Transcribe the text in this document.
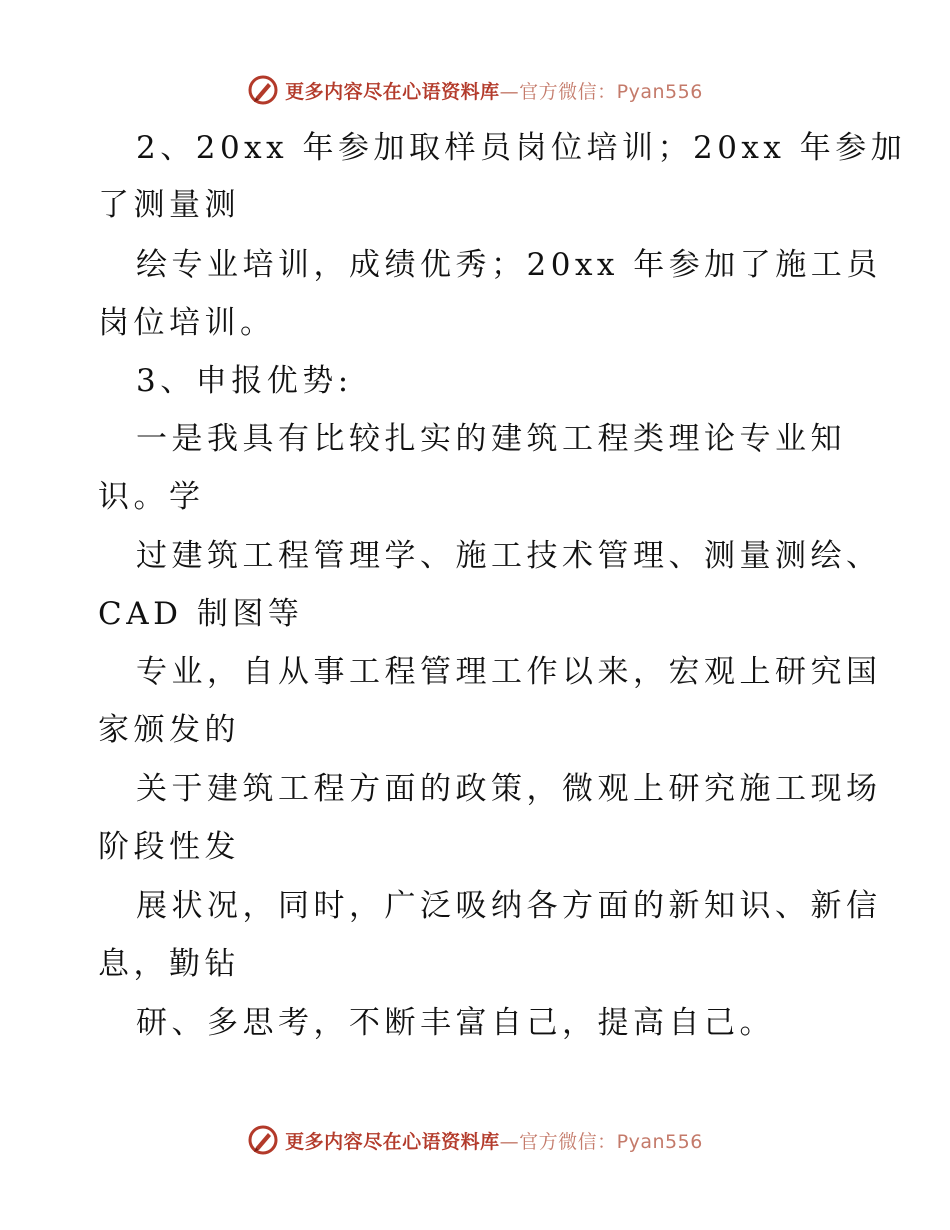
更多内容尽在心语资料库 —官方微信：Pyan556
2、20xx 年参加取样员岗位培训；20xx 年参加
了测量测
绘专业培训，成绩优秀；20xx 年参加了施工员
岗位培训。
3、申报优势:
一是我具有比较扎实的建筑工程类理论专业知
识。学
过建筑工程管理学、施工技术管理、测量测绘、
CAD 制图等
专业，自从事工程管理工作以来，宏观上研究国
家颁发的
关于建筑工程方面的政策，微观上研究施工现场
阶段性发
展状况，同时，广泛吸纳各方面的新知识、新信
息，勤钻
研、多思考，不断丰富自己，提高自己。
更多内容尽在心语资料库 —官方微信：Pyan556
